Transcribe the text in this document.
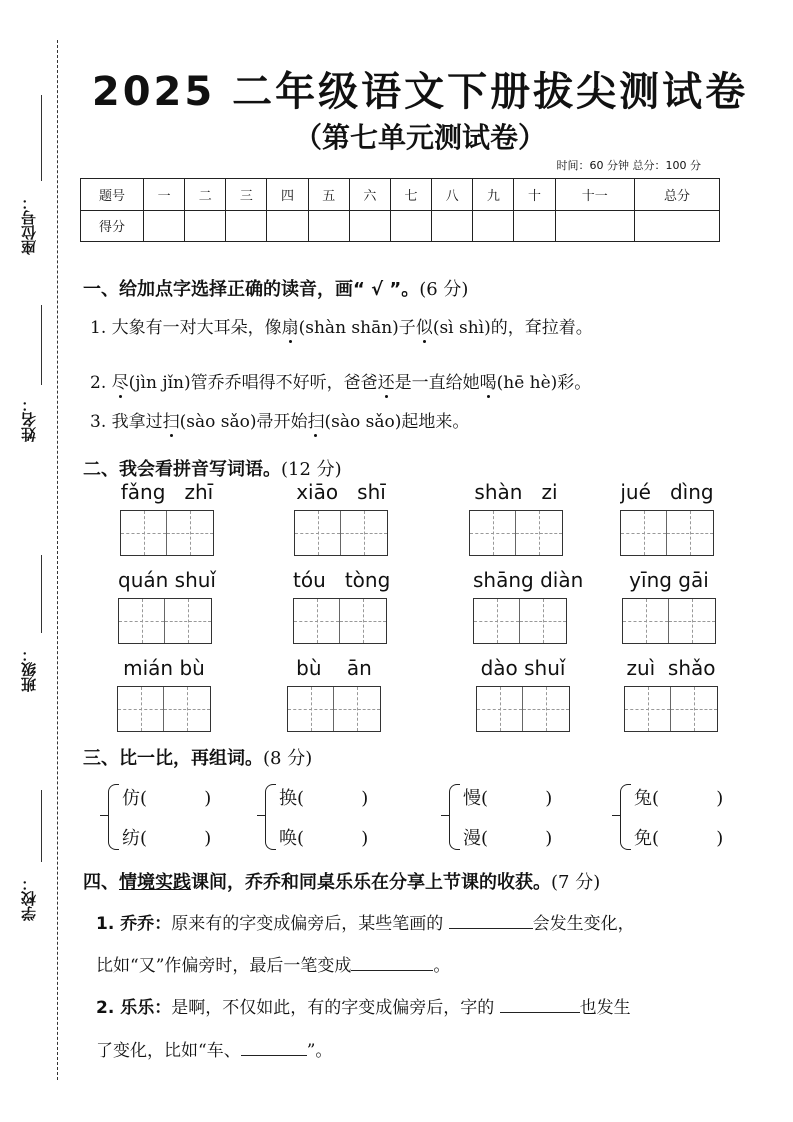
座位号：
姓名：
班级：
学校：
2025 二年级语文下册拔尖测试卷
（第七单元测试卷）
时间：60 分钟 总分：100 分
题号	一	二	三	四	五	六	七	八	九	十	十一	总分
得分												
一、给加点字选择正确的读音，画“ √ ”。(6 分)
1. 大象有一对大耳朵，像扇(shàn shān)子似(sì shì)的，耷拉着。
2. 尽(jìn jǐn)管乔乔唱得不好听，爸爸还是一直给她喝(hē hè)彩。
3. 我拿过扫(sào sǎo)帚开始扫(sào sǎo)起地来。
二、我会看拼音写词语。(12 分)
fǎng   zhī	xiāo   shī	shàn   zi	jué   dìng
quán shuǐ	tóu   tòng	shāng diàn	yīng gāi
mián bù	bù    ān	dào shuǐ	zuì  shǎo
三、比一比，再组词。(8 分)
仿(          )
纺(          )
换(          )
唤(          )
慢(          )
漫(          )
兔(          )
免(          )
四、情境实践课间，乔乔和同桌乐乐在分享上节课的收获。(7 分)
1. 乔乔：原来有的字变成偏旁后，某些笔画的	会发生变化，
比如“又”作偏旁时，最后一笔变成	。
2. 乐乐：是啊，不仅如此，有的字变成偏旁后，字的	也发生
了变化，比如“车、	”。
